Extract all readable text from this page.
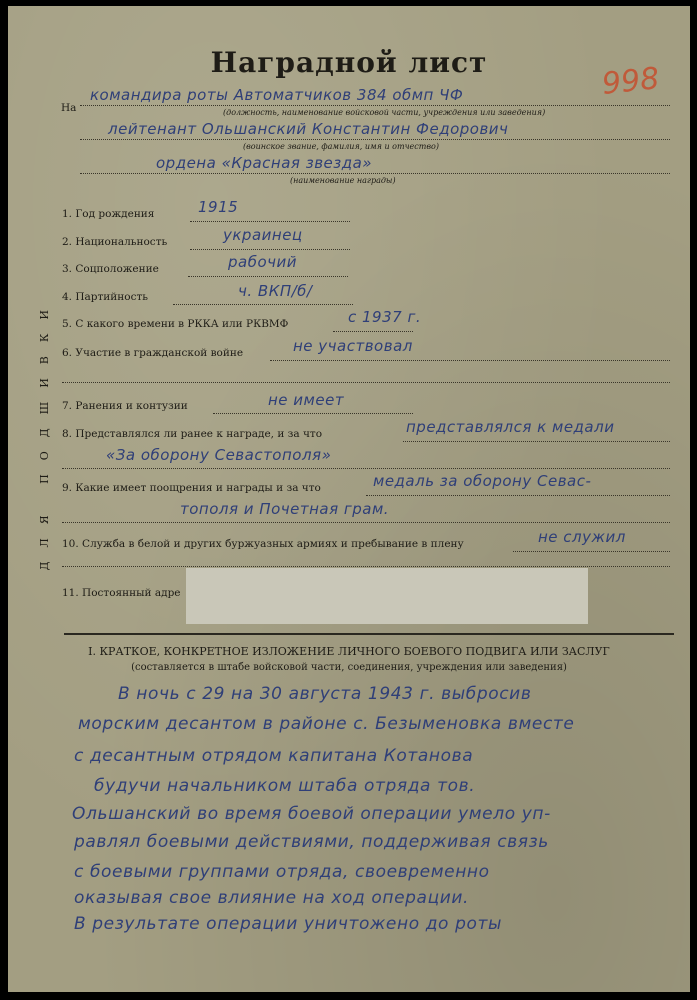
Наградной лист	998
ДЛЯ ПОДШИВКИ
На
командира роты Автоматчиков 384 обмп ЧФ
(должность, наименование войсковой части, учреждения или заведения)
лейтенант Ольшанский Константин Федорович
(воинское звание, фамилия, имя и отчество)
ордена «Красная звезда»
(наименование награды)
1. Год рождения	1915
2. Национальность	украинец
3. Соцположение	рабочий
4. Партийность	ч. ВКП/б/
5. С какого времени в РККА или РКВМФ	с 1937 г.
6. Участие в гражданской войне	не участвовал
7. Ранения и контузии	не имеет
8. Представлялся ли ранее к награде, и за что	представлялся к медали
«За оборону Севастополя»
9. Какие имеет поощрения и награды и за что	медаль за оборону Севас-
тополя и Почетная грам.
10. Служба в белой и других буржуазных армиях и пребывание в плену	не служил
11. Постоянный адре
I. КРАТКОЕ, КОНКРЕТНОЕ ИЗЛОЖЕНИЕ ЛИЧНОГО БОЕВОГО ПОДВИГА ИЛИ ЗАСЛУГ
(составляется в штабе войсковой части, соединения, учреждения или заведения)
В ночь с 29 на 30 августа 1943 г. выбросив
морским десантом в районе с. Безыменовка вместе
с десантным отрядом капитана Котанова
будучи начальником штаба отряда тов.
Ольшанский во время боевой операции умело уп-
равлял боевыми действиями, поддерживая связь
с боевыми группами отряда, своевременно
оказывая свое влияние на ход операции.
В результате операции уничтожено до роты
